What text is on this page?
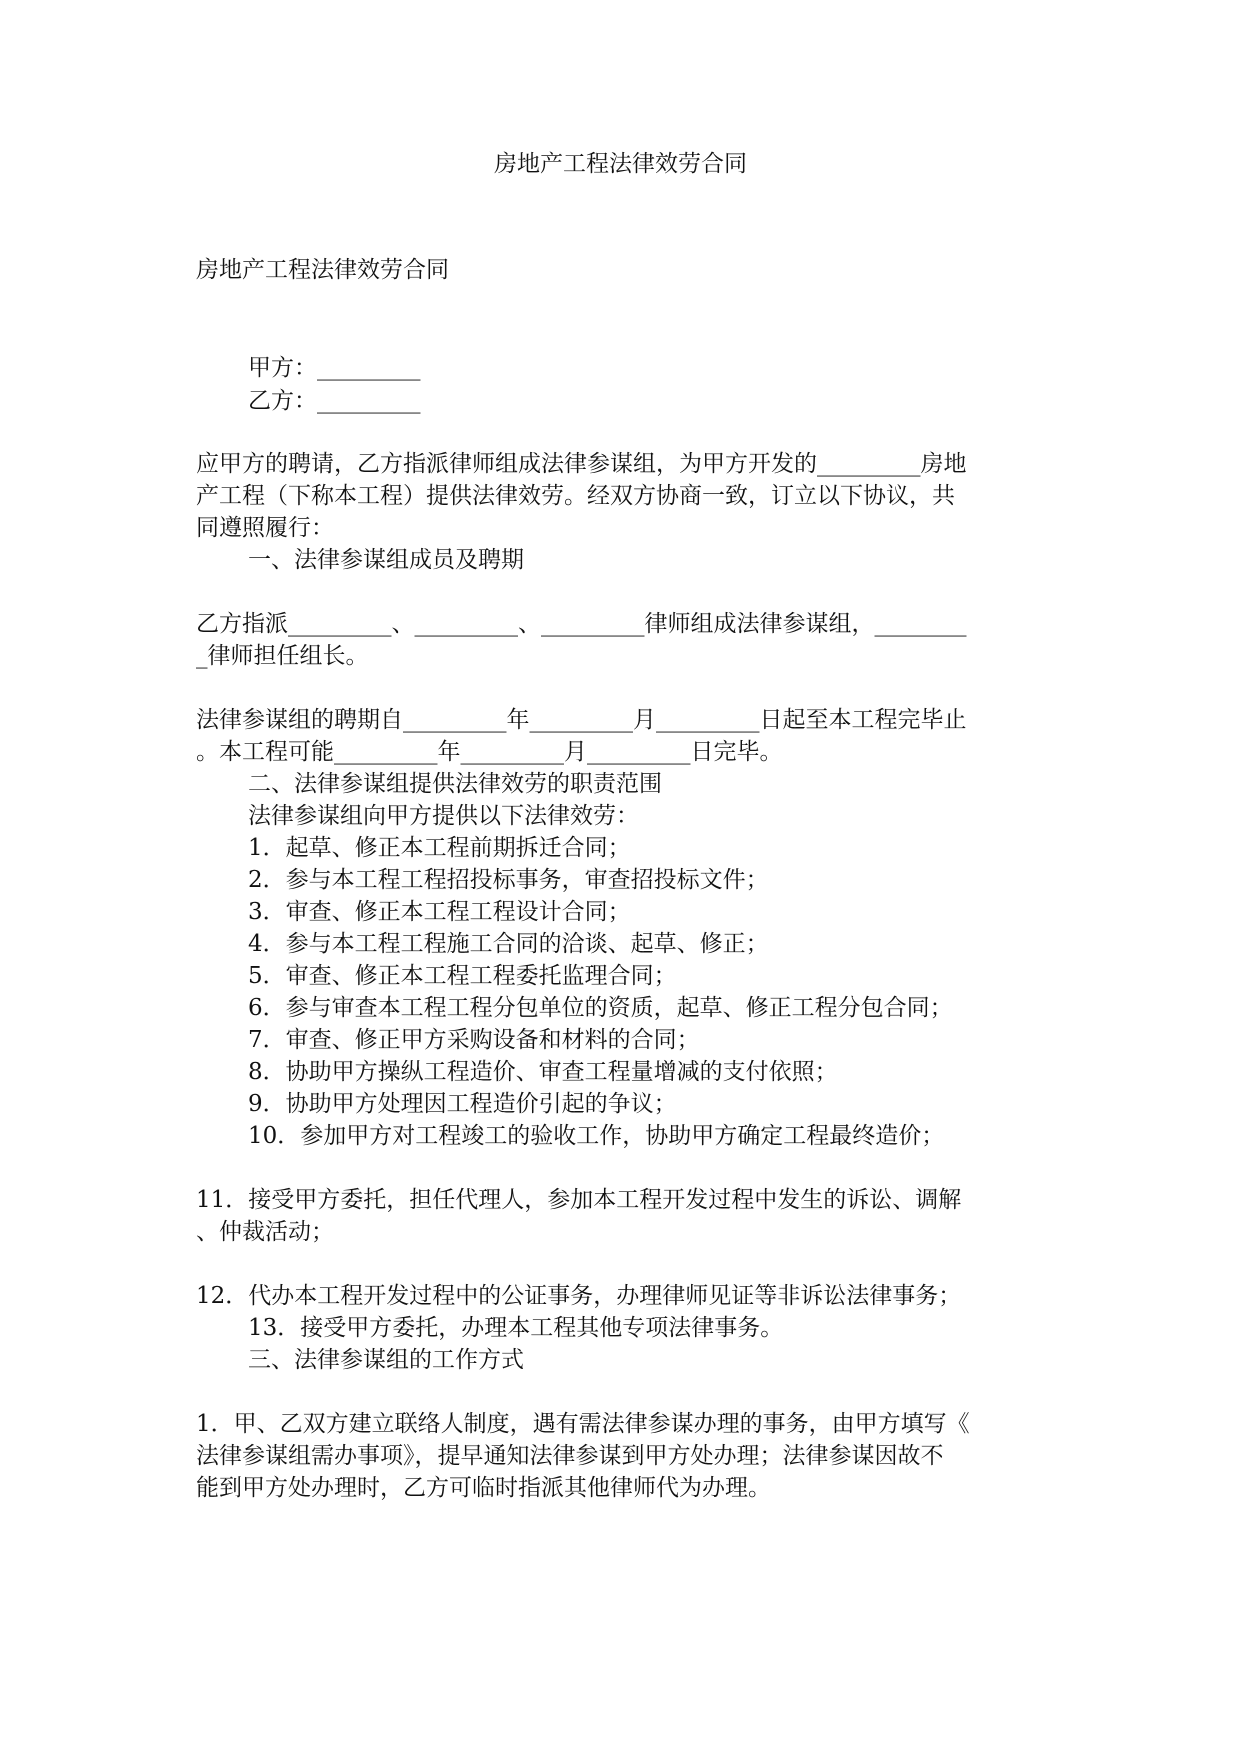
房地产工程法律效劳合同
房地产工程法律效劳合同
甲方：_________
乙方：_________
应甲方的聘请，乙方指派律师组成法律参谋组，为甲方开发的_________房地
产工程（下称本工程）提供法律效劳。经双方协商一致，订立以下协议，共
同遵照履行：
一、法律参谋组成员及聘期
乙方指派_________、_________、_________律师组成法律参谋组，________
_律师担任组长。
法律参谋组的聘期自_________年_________月_________日起至本工程完毕止
。本工程可能_________年_________月_________日完毕。
二、法律参谋组提供法律效劳的职责范围
法律参谋组向甲方提供以下法律效劳：
1．起草、修正本工程前期拆迁合同；
2．参与本工程工程招投标事务，审查招投标文件；
3．审查、修正本工程工程设计合同；
4．参与本工程工程施工合同的洽谈、起草、修正；
5．审查、修正本工程工程委托监理合同；
6．参与审查本工程工程分包单位的资质，起草、修正工程分包合同；
7．审查、修正甲方采购设备和材料的合同；
8．协助甲方操纵工程造价、审查工程量增减的支付依照；
9．协助甲方处理因工程造价引起的争议；
10．参加甲方对工程竣工的验收工作，协助甲方确定工程最终造价；
11．接受甲方委托，担任代理人，参加本工程开发过程中发生的诉讼、调解
、仲裁活动；
12．代办本工程开发过程中的公证事务，办理律师见证等非诉讼法律事务；
13．接受甲方委托，办理本工程其他专项法律事务。
三、法律参谋组的工作方式
1．甲、乙双方建立联络人制度，遇有需法律参谋办理的事务，由甲方填写《
法律参谋组需办事项》，提早通知法律参谋到甲方处办理；法律参谋因故不
能到甲方处办理时，乙方可临时指派其他律师代为办理。
